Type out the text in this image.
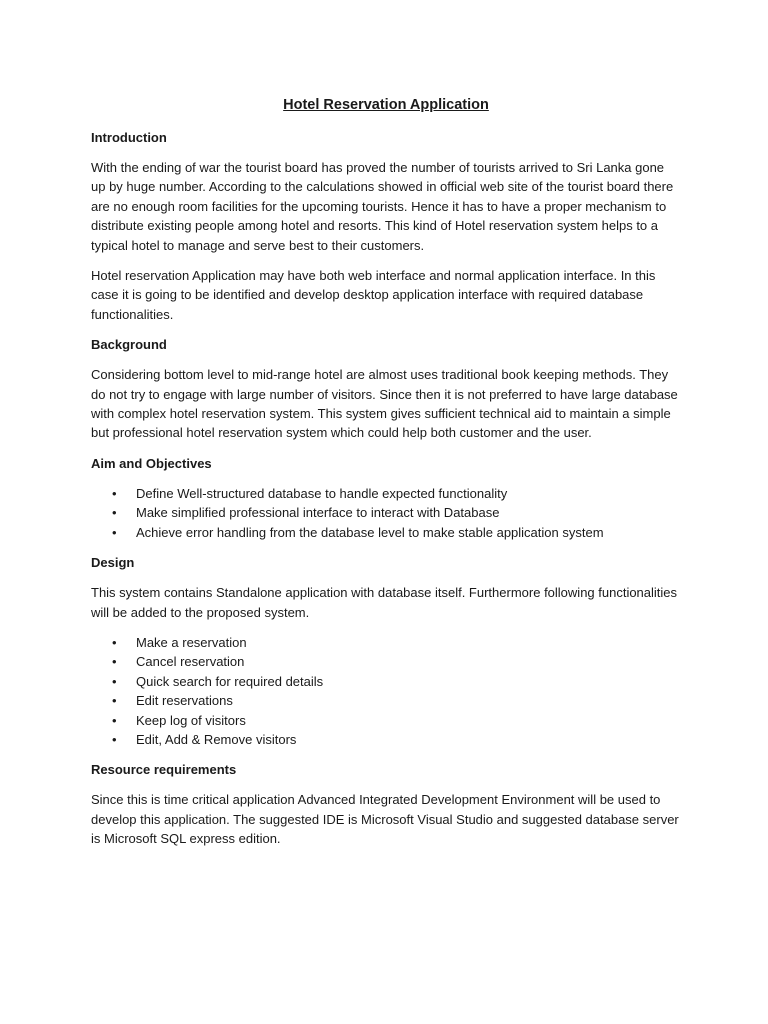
Hotel Reservation Application
Introduction

With the ending of war the tourist board has proved the number of tourists arrived to Sri Lanka gone up by huge number. According to the calculations showed in official web site of the tourist board there are no enough room facilities for the upcoming tourists. Hence it has to have a proper mechanism to distribute existing people among hotel and resorts. This kind of Hotel reservation system helps to a typical hotel to manage and serve best to their customers.

Hotel reservation Application may have both web interface and normal application interface. In this case it is going to be identified and develop desktop application interface with required database functionalities.

Background

Considering bottom level to mid-range hotel are almost uses traditional book keeping methods. They do not try to engage with large number of visitors. Since then it is not preferred to have large database with complex hotel reservation system. This system gives sufficient technical aid to maintain a simple but professional hotel reservation system which could help both customer and the user.

Aim and Objectives
• Define Well-structured database to handle expected functionality
• Make simplified professional interface to interact with Database
• Achieve error handling from the database level to make stable application system
Design

This system contains Standalone application with database itself. Furthermore following functionalities will be added to the proposed system.

• Make a reservation
• Cancel reservation
• Quick search for required details
• Edit reservations
• Keep log of visitors
• Edit, Add & Remove visitors
Resource requirements

Since this is time critical application Advanced Integrated Development Environment will be used to develop this application. The suggested IDE is Microsoft Visual Studio and suggested database server is Microsoft SQL express edition.
